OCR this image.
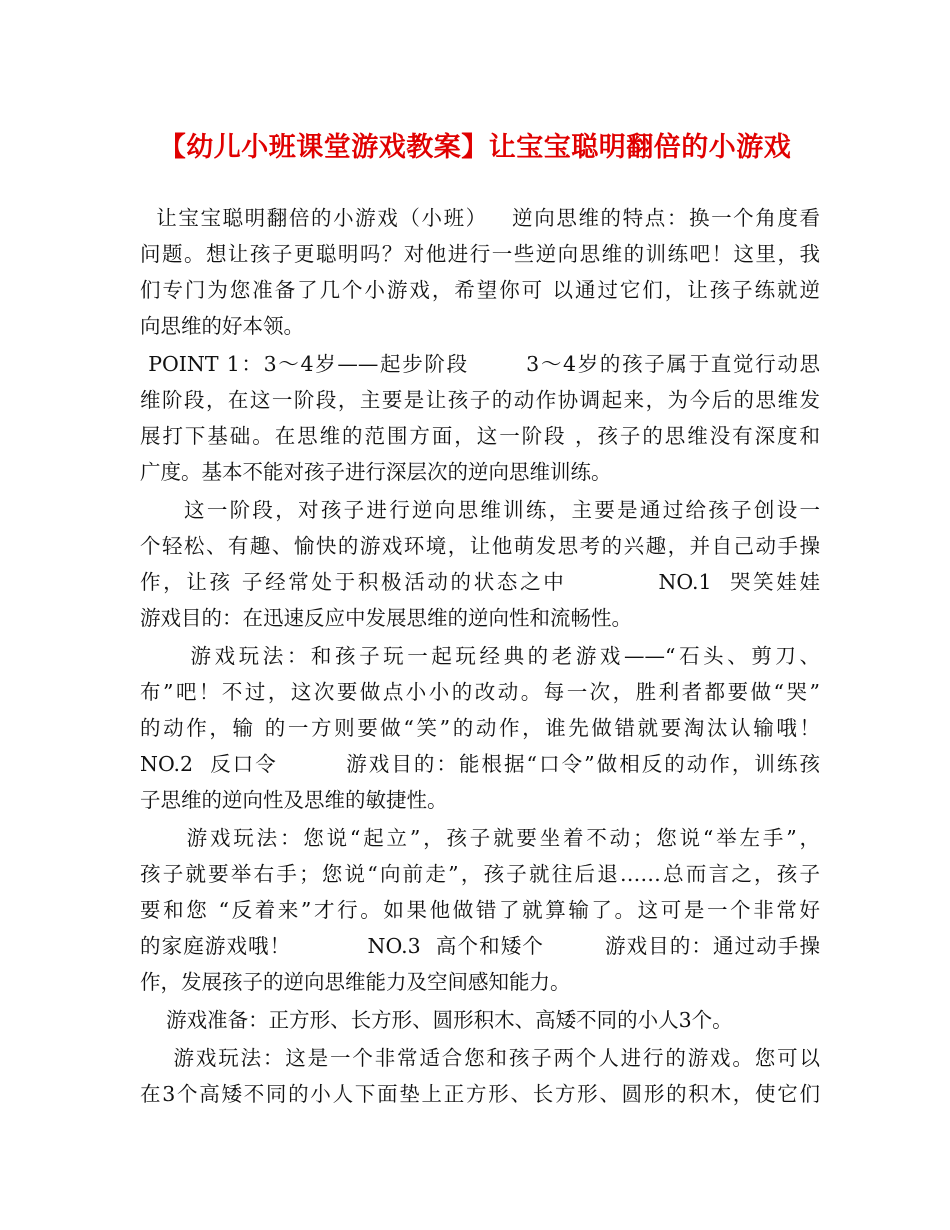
【幼儿小班课堂游戏教案】让宝宝聪明翻倍的小游戏
让宝宝聪明翻倍的小游戏（小班）   逆向思维的特点：换一个角度看
问题。想让孩子更聪明吗？对他进行一些逆向思维的训练吧！这里，我
们专门为您准备了几个小游戏，希望你可 以通过它们，让孩子练就逆
向思维的好本领。
POINT 1：3～4岁——起步阶段       3～4岁的孩子属于直觉行动思
维阶段，在这一阶段，主要是让孩子的动作协调起来，为今后的思维发
展打下基础。在思维的范围方面，这一阶段 ，孩子的思维没有深度和
广度。基本不能对孩子进行深层次的逆向思维训练。
这一阶段，对孩子进行逆向思维训练，主要是通过给孩子创设一
个轻松、有趣、愉快的游戏环境，让他萌发思考的兴趣，并自己动手操
作，让孩 子经常处于积极活动的状态之中          NO.1  哭笑娃娃
游戏目的：在迅速反应中发展思维的逆向性和流畅性。
游戏玩法：和孩子玩一起玩经典的老游戏——“石头、剪刀、
布”吧！不过，这次要做点小小的改动。每一次，胜利者都要做“哭”
的动作，输 的一方则要做“笑”的动作，谁先做错就要淘汰认输哦！
NO.2  反口令        游戏目的：能根据“口令”做相反的动作，训练孩
子思维的逆向性及思维的敏捷性。
游戏玩法：您说“起立”，孩子就要坐着不动；您说“举左手”，
孩子就要举右手；您说“向前走”，孩子就往后退……总而言之，孩子
要和您 “反着来”才行。如果他做错了就算输了。这可是一个非常好
的家庭游戏哦！          NO.3  高个和矮个        游戏目的：通过动手操
作，发展孩子的逆向思维能力及空间感知能力。
游戏准备：正方形、长方形、圆形积木、高矮不同的小人3个。
游戏玩法：这是一个非常适合您和孩子两个人进行的游戏。您可以
在3个高矮不同的小人下面垫上正方形、长方形、圆形的积木，使它们
